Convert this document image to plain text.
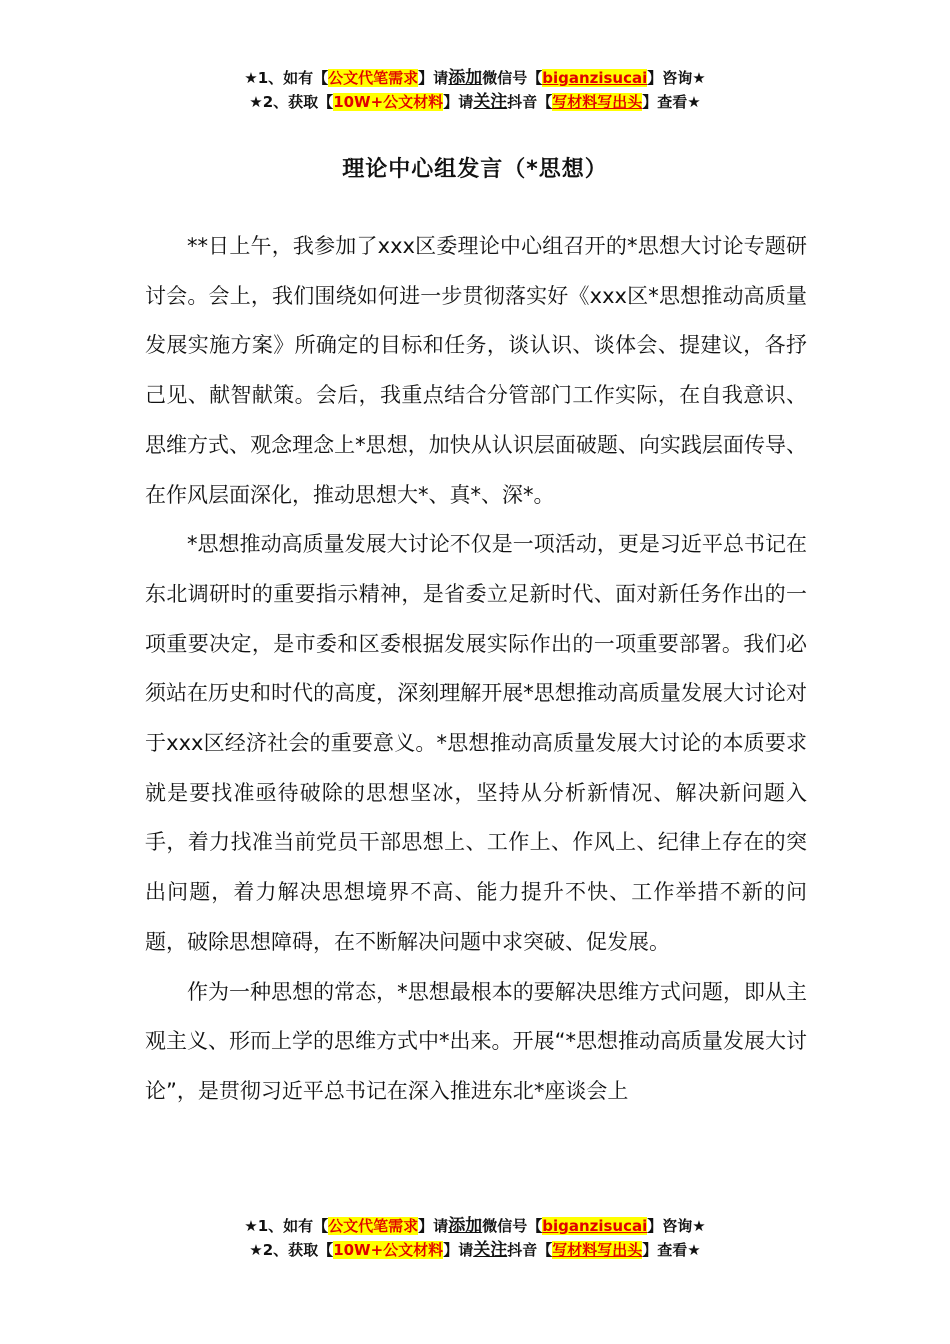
★1、如有【公文代笔需求】请添加微信号【biganzisucai】咨询★
★2、获取【10W+公文材料】请关注抖音【写材料写出头】查看★
理论中心组发言（*思想）

**日上午，我参加了xxx区委理论中心组召开的*思想大讨论专题研讨会。会上，我们围绕如何进一步贯彻落实好《xxx区*思想推动高质量发展实施方案》所确定的目标和任务，谈认识、谈体会、提建议，各抒己见、献智献策。会后，我重点结合分管部门工作实际，在自我意识、思维方式、观念理念上*思想，加快从认识层面破题、向实践层面传导、在作风层面深化，推动思想大*、真*、深*。

*思想推动高质量发展大讨论不仅是一项活动，更是习近平总书记在东北调研时的重要指示精神，是省委立足新时代、面对新任务作出的一项重要决定，是市委和区委根据发展实际作出的一项重要部署。我们必须站在历史和时代的高度，深刻理解开展*思想推动高质量发展大讨论对于xxx区经济社会的重要意义。*思想推动高质量发展大讨论的本质要求就是要找准亟待破除的思想坚冰，坚持从分析新情况、解决新问题入手，着力找准当前党员干部思想上、工作上、作风上、纪律上存在的突出问题，着力解决思想境界不高、能力提升不快、工作举措不新的问题，破除思想障碍，在不断解决问题中求突破、促发展。

作为一种思想的常态，*思想最根本的要解决思维方式问题，即从主观主义、形而上学的思维方式中*出来。开展“*思想推动高质量发展大讨论”，是贯彻习近平总书记在深入推进东北*座谈会上

★1、如有【公文代笔需求】请添加微信号【biganzisucai】咨询★
★2、获取【10W+公文材料】请关注抖音【写材料写出头】查看★
